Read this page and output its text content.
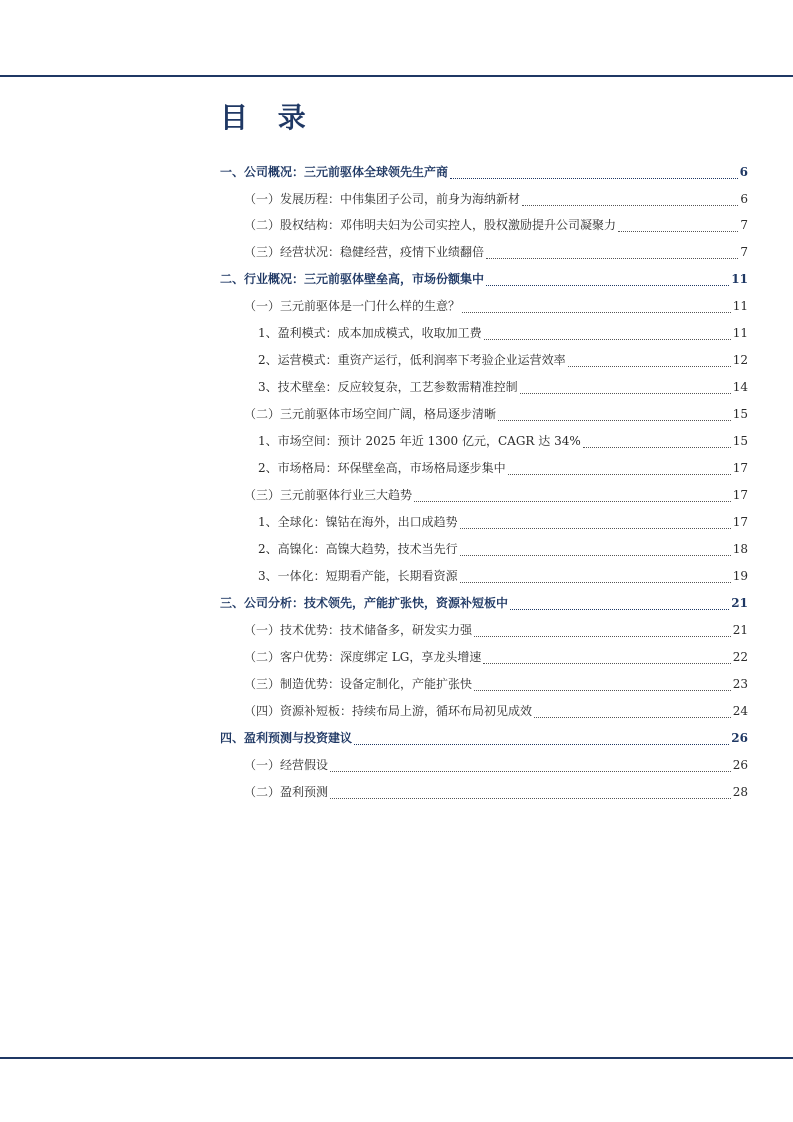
目 录
一、公司概况：三元前驱体全球领先生产商	6
（一）发展历程：中伟集团子公司，前身为海纳新材	6
（二）股权结构：邓伟明夫妇为公司实控人，股权激励提升公司凝聚力	7
（三）经营状况：稳健经营，疫情下业绩翻倍	7
二、行业概况：三元前驱体壁垒高，市场份额集中	11
（一）三元前驱体是一门什么样的生意？	11
1、盈利模式：成本加成模式，收取加工费	11
2、运营模式：重资产运行，低利润率下考验企业运营效率	12
3、技术壁垒：反应较复杂，工艺参数需精准控制	14
（二）三元前驱体市场空间广阔，格局逐步清晰	15
1、市场空间：预计 2025 年近 1300 亿元，CAGR 达 34%	15
2、市场格局：环保壁垒高，市场格局逐步集中	17
（三）三元前驱体行业三大趋势	17
1、全球化：镍钴在海外，出口成趋势	17
2、高镍化：高镍大趋势，技术当先行	18
3、一体化：短期看产能，长期看资源	19
三、公司分析：技术领先，产能扩张快，资源补短板中	21
（一）技术优势：技术储备多，研发实力强	21
（二）客户优势：深度绑定 LG，享龙头增速	22
（三）制造优势：设备定制化，产能扩张快	23
（四）资源补短板：持续布局上游，循环布局初见成效	24
四、盈利预测与投资建议	26
（一）经营假设	26
（二）盈利预测	28
